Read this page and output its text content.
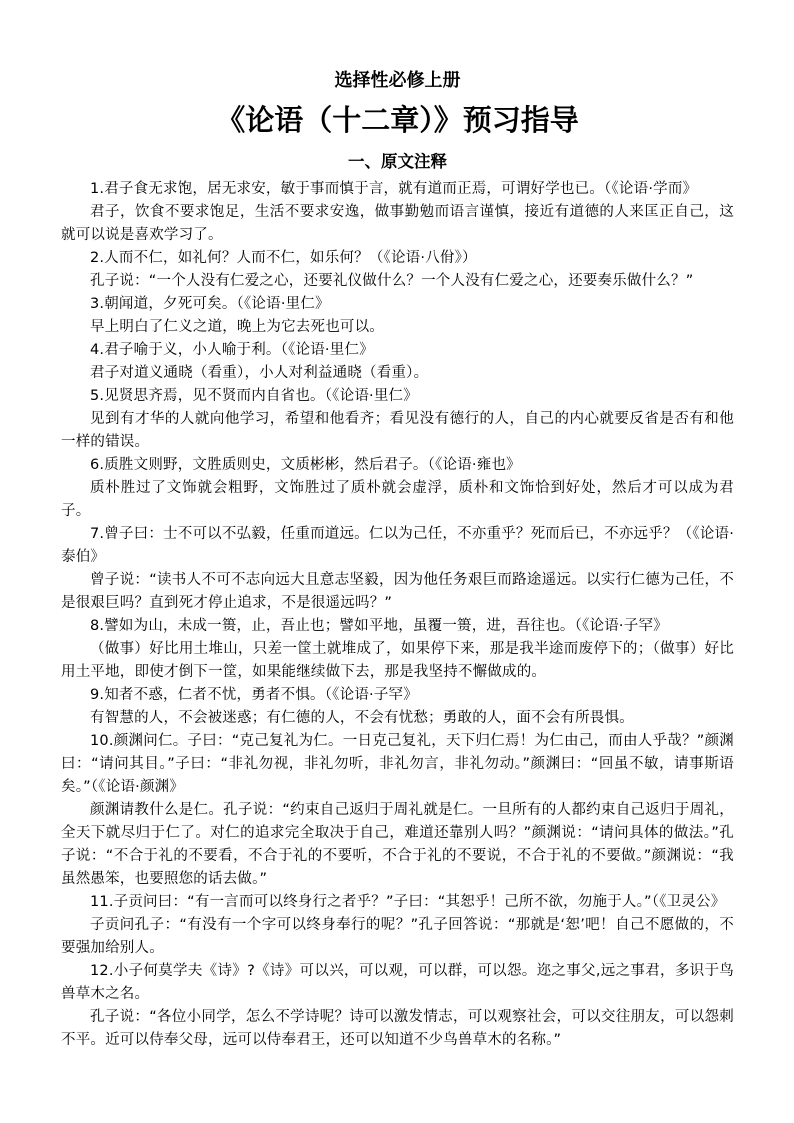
选择性必修上册
《论语（十二章）》预习指导
一、原文注释

1.君子食无求饱，居无求安，敏于事而慎于言，就有道而正焉，可谓好学也已。（《论语·学而》

君子，饮食不要求饱足，生活不要求安逸，做事勤勉而语言谨慎，接近有道德的人来匡正自己，这就可以说是喜欢学习了。

2.人而不仁，如礼何？人而不仁，如乐何？（《论语·八佾》）

孔子说：“一个人没有仁爱之心，还要礼仪做什么？一个人没有仁爱之心，还要奏乐做什么？”

3.朝闻道，夕死可矣。（《论语·里仁》

早上明白了仁义之道，晚上为它去死也可以。

4.君子喻于义，小人喻于利。（《论语·里仁》

君子对道义通晓（看重），小人对利益通晓（看重）。

5.见贤思齐焉，见不贤而内自省也。（《论语·里仁》

见到有才华的人就向他学习，希望和他看齐；看见没有德行的人，自己的内心就要反省是否有和他一样的错误。

6.质胜文则野，文胜质则史，文质彬彬，然后君子。（《论语·雍也》

质朴胜过了文饰就会粗野，文饰胜过了质朴就会虚浮，质朴和文饰恰到好处，然后才可以成为君子。

7.曾子曰：士不可以不弘毅，任重而道远。仁以为己任，不亦重乎？死而后已，不亦远乎？（《论语·泰伯》

曾子说：“读书人不可不志向远大且意志坚毅，因为他任务艰巨而路途遥远。以实行仁德为己任，不是很艰巨吗？直到死才停止追求，不是很遥远吗？”

8.譬如为山，未成一篑，止，吾止也；譬如平地，虽覆一篑，进，吾往也。（《论语·子罕》

（做事）好比用土堆山，只差一筐土就堆成了，如果停下来，那是我半途而废停下的；（做事）好比用土平地，即使才倒下一筐，如果能继续做下去，那是我坚持不懈做成的。

9.知者不惑，仁者不忧，勇者不惧。（《论语·子罕》

有智慧的人，不会被迷惑；有仁德的人，不会有忧愁；勇敢的人，面不会有所畏惧。

10.颜渊问仁。子曰：“克己复礼为仁。一日克己复礼，天下归仁焉！为仁由己，而由人乎哉？”颜渊曰：“请问其目。”子曰：“非礼勿视，非礼勿听，非礼勿言，非礼勿动。”颜渊曰：“回虽不敏，请事斯语矣。”（《论语·颜渊》

颜渊请教什么是仁。孔子说：“约束自己返归于周礼就是仁。一旦所有的人都约束自己返归于周礼，全天下就尽归于仁了。对仁的追求完全取决于自己，难道还靠别人吗？”颜渊说：“请问具体的做法。”孔子说：“不合于礼的不要看，不合于礼的不要听，不合于礼的不要说，不合于礼的不要做。”颜渊说：“我虽然愚笨，也要照您的话去做。”

11.子贡问曰：“有一言而可以终身行之者乎？”子曰：“其恕乎！己所不欲，勿施于人。”（《卫灵公》

子贡问孔子：“有没有一个字可以终身奉行的呢？”孔子回答说：“那就是‘恕’吧！自己不愿做的，不要强加给别人。

12.小子何莫学夫《诗》?《诗》可以兴，可以观，可以群，可以怨。迩之事父,远之事君，多识于鸟兽草木之名。

孔子说：“各位小同学，怎么不学诗呢？诗可以激发情志，可以观察社会，可以交往朋友，可以怨刺不平。近可以侍奉父母，远可以侍奉君王，还可以知道不少鸟兽草木的名称。”
